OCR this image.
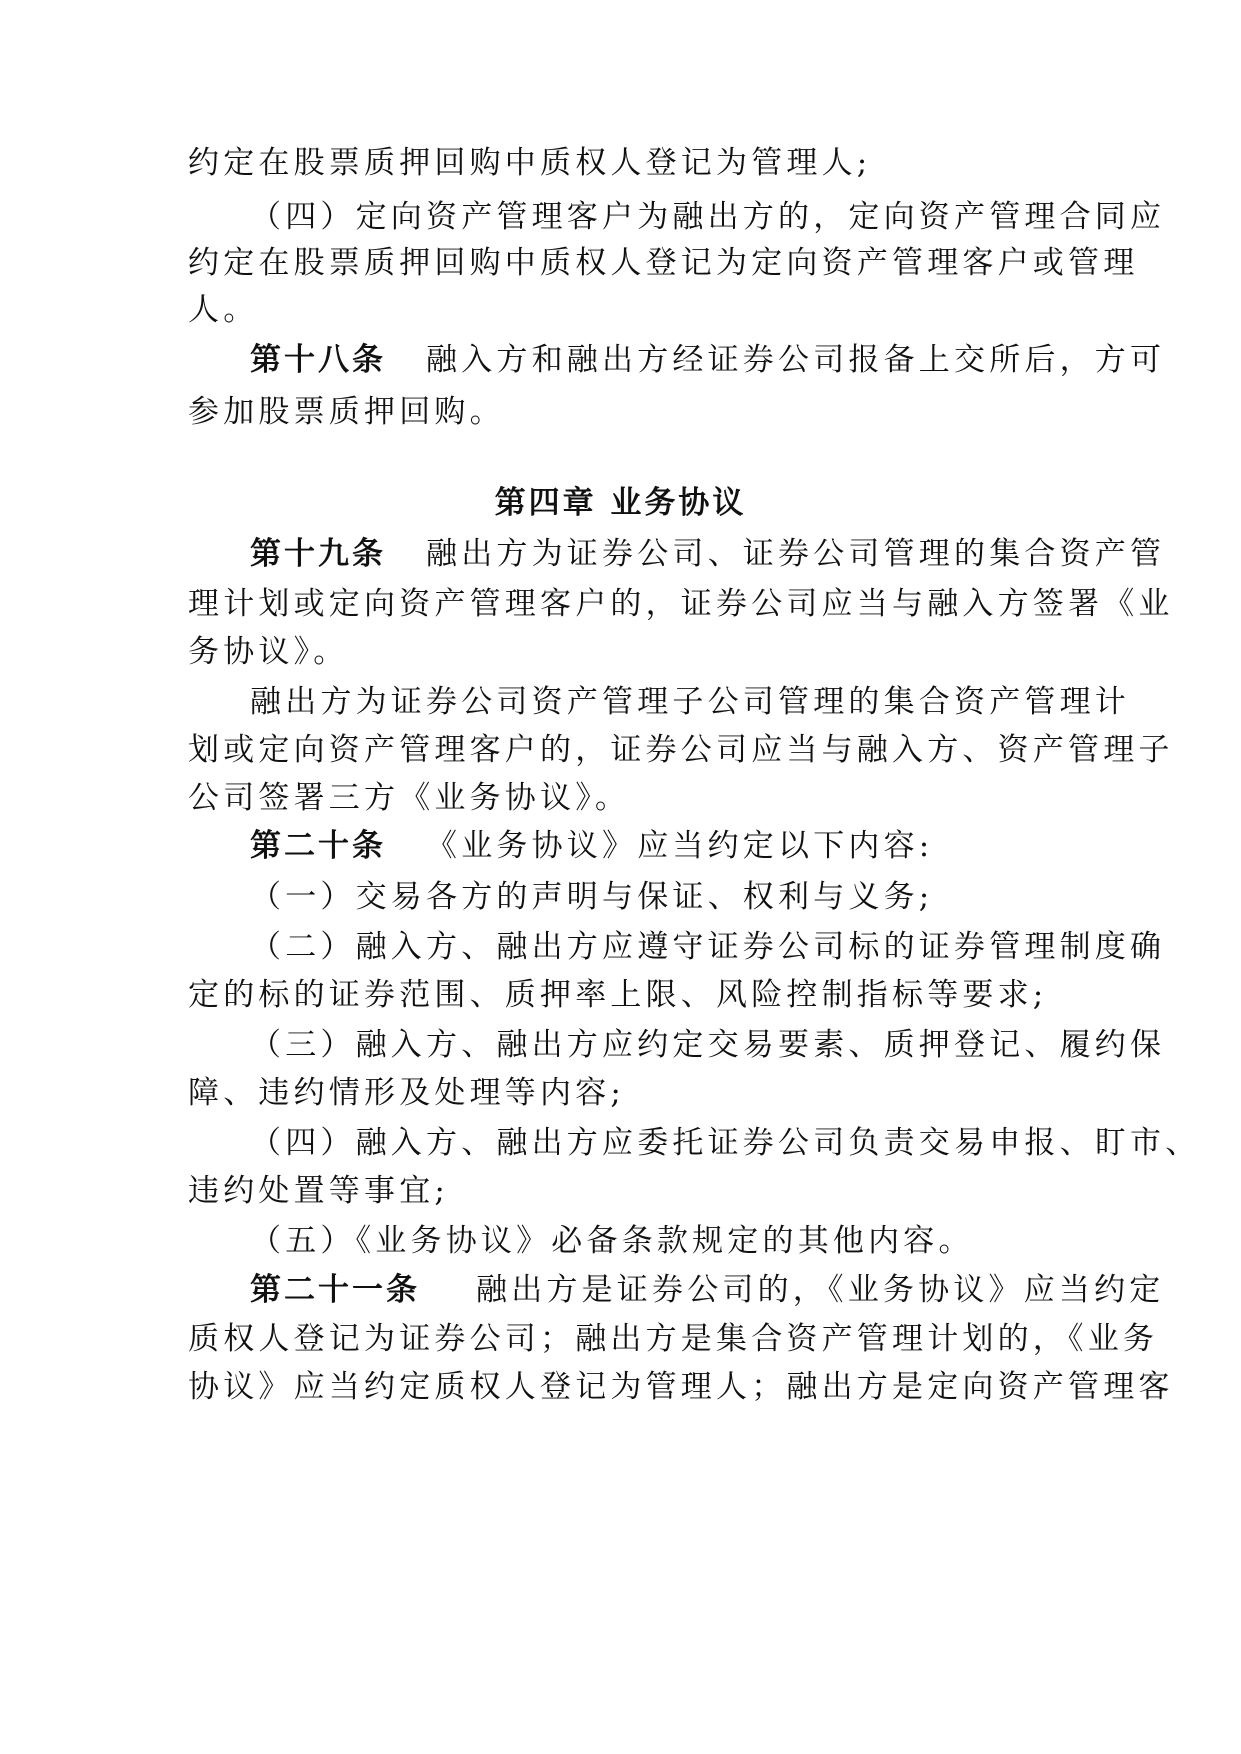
约定在股票质押回购中质权人登记为管理人;
（四）定向资产管理客户为融出方的，定向资产管理合同应
约定在股票质押回购中质权人登记为定向资产管理客户或管理
人。
第十八条 融入方和融出方经证券公司报备上交所后，方可
参加股票质押回购。
第四章 业务协议
第十九条 融出方为证券公司、证券公司管理的集合资产管
理计划或定向资产管理客户的，证券公司应当与融入方签署《业
务协议》。
融出方为证券公司资产管理子公司管理的集合资产管理计
划或定向资产管理客户的，证券公司应当与融入方、资产管理子
公司签署三方《业务协议》。
第二十条 《业务协议》应当约定以下内容:
（一）交易各方的声明与保证、权利与义务;
（二）融入方、融出方应遵守证券公司标的证券管理制度确
定的标的证券范围、质押率上限、风险控制指标等要求;
（三）融入方、融出方应约定交易要素、质押登记、履约保
障、违约情形及处理等内容;
（四）融入方、融出方应委托证券公司负责交易申报、盯市、
违约处置等事宜;
（五）《业务协议》必备条款规定的其他内容。
第二十一条 融出方是证券公司的，《业务协议》应当约定
质权人登记为证券公司；融出方是集合资产管理计划的，《业务
协议》应当约定质权人登记为管理人；融出方是定向资产管理客
